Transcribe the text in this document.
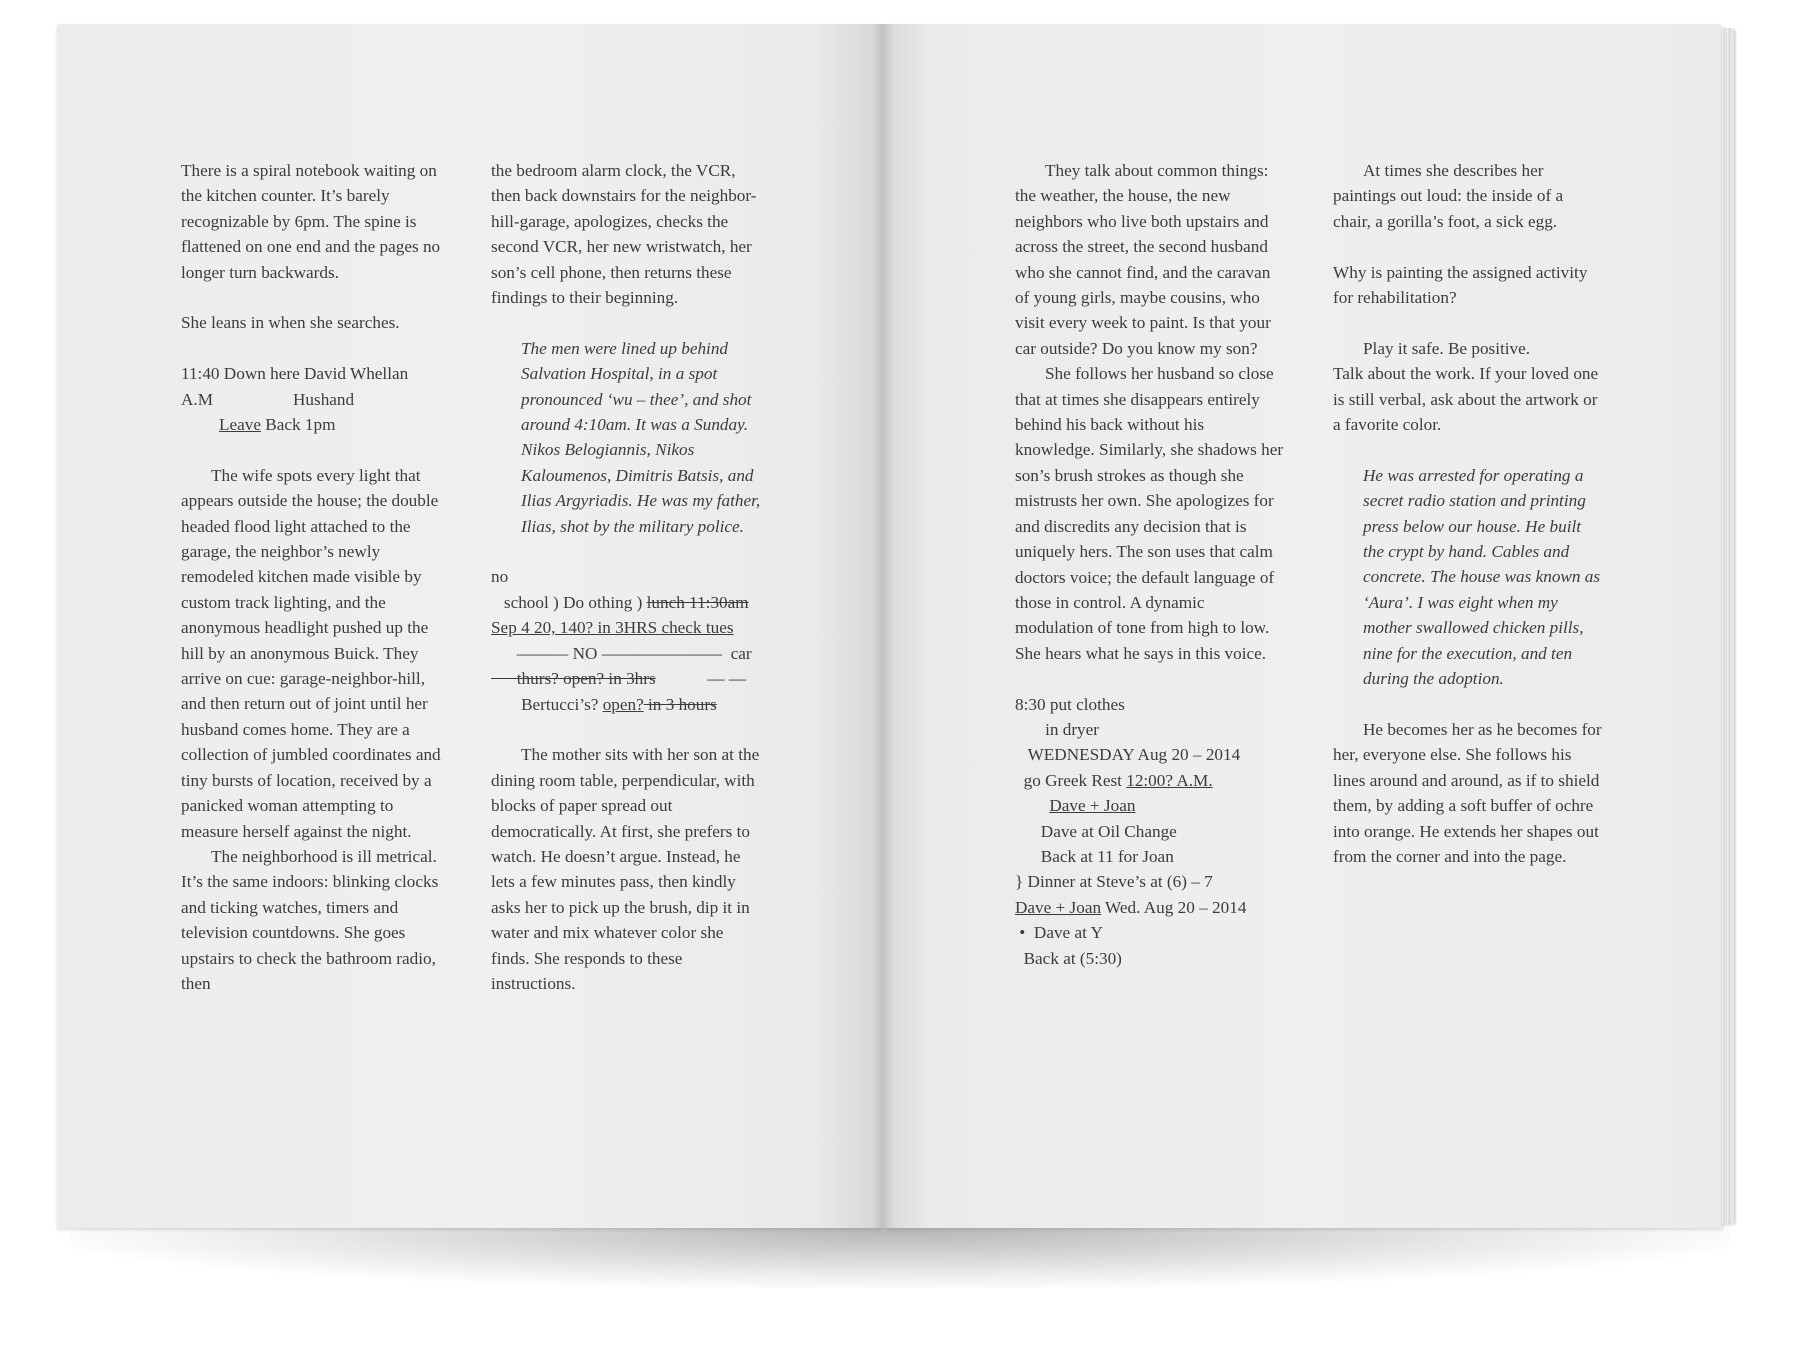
There is a spiral notebook waiting on the kitchen counter. It’s barely recognizable by 6pm. The spine is flattened on one end and the pages no longer turn backwards.

She leans in when she searches.

11:40 Down here David Whellan
A.M	Hushand
Leave Back 1pm

The wife spots every light that appears outside the house; the double headed flood light attached to the garage, the neighbor’s newly remodeled kitchen made visible by custom track lighting, and the anonymous headlight pushed up the hill by an anonymous Buick. They arrive on cue: garage-neighbor-hill, and then return out of joint until her husband comes home. They are a collection of jumbled coordinates and tiny bursts of location, received by a panicked woman attempting to measure herself against the night.

The neighborhood is ill metrical. It’s the same indoors: blinking clocks and ticking watches, timers and television countdowns. She goes upstairs to check the bathroom radio, then

the bedroom alarm clock, the VCR, then back downstairs for the neighbor-hill-garage, apologizes, checks the second VCR, her new wristwatch, her son’s cell phone, then returns these findings to their beginning.

The men were lined up behind Salvation Hospital, in a spot pronounced ‘wu – thee’, and shot around 4:10am. It was a Sunday. Nikos Belogiannis, Nikos Kaloumenos, Dimitris Batsis, and Ilias Argyriadis. He was my father, Ilias, shot by the military police.

no
school ) Do othing ) lunch 11:30am
Sep 4 20, 140? in 3HRS check tues
——— NO ———————  car
thurs? open? in 3hrs            — —
Bertucci’s? open? in 3 hours

The mother sits with her son at the dining room table, perpendicular, with blocks of paper spread out democratically. At first, she prefers to watch. He doesn’t argue. Instead, he lets a few minutes pass, then kindly asks her to pick up the brush, dip it in water and mix whatever color she finds. She responds to these instructions.

They talk about common things: the weather, the house, the new neighbors who live both upstairs and across the street, the second husband who she cannot find, and the caravan of young girls, maybe cousins, who visit every week to paint. Is that your car outside? Do you know my son?

She follows her husband so close that at times she disappears entirely behind his back without his knowledge. Similarly, she shadows her son’s brush strokes as though she mistrusts her own. She apologizes for and discredits any decision that is uniquely hers. The son uses that calm doctors voice; the default language of those in control. A dynamic modulation of tone from high to low. She hears what he says in this voice.

8:30 put clothes
in dryer
WEDNESDAY Aug 20 – 2014
go Greek Rest 12:00? A.M.
Dave + Joan
Dave at Oil Change
Back at 11 for Joan
} Dinner at Steve’s at (6) – 7
Dave + Joan Wed. Aug 20 – 2014
•  Dave at Y
Back at (5:30)

At times she describes her paintings out loud: the inside of a chair, a gorilla’s foot, a sick egg.

Why is painting the assigned activity for rehabilitation?

Play it safe. Be positive.

Talk about the work. If your loved one is still verbal, ask about the artwork or a favorite color.

He was arrested for operating a secret radio station and printing press below our house. He built the crypt by hand. Cables and concrete. The house was known as ‘Aura’. I was eight when my mother swallowed chicken pills, nine for the execution, and ten during the adoption.

He becomes her as he becomes for her, everyone else. She follows his lines around and around, as if to shield them, by adding a soft buffer of ochre into orange. He extends her shapes out from the corner and into the page.
